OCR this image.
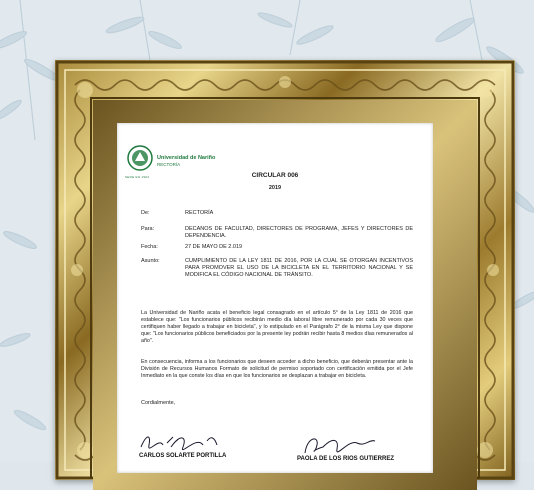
Universidad de Nariño
RECTORÍA
SEDE EN 1904	CIRCULAR 006
2019
De:	RECTORÍA
Para:	DECANOS DE FACULTAD, DIRECTORES DE PROGRAMA, JEFES Y DIRECTORES DE DEPENDENCIA.
Fecha:	27 DE MAYO DE 2.019
Asunto:	CUMPLIMIENTO DE LA LEY 1811 DE 2016, POR LA CUAL SE OTORGAN INCENTIVOS PARA PROMOVER EL USO DE LA BICICLETA EN EL TERRITORIO NACIONAL Y SE MODIFICA EL CÓDIGO NACIONAL DE TRÁNSITO.
La Universidad de Nariño acata el beneficio legal consagrado en el artículo 5° de la Ley 1811 de 2016 que establece que: "Los funcionarios públicos recibirán medio día laboral libre remunerado por cada 30 veces que certifiquen haber llegado a trabajar en bicicleta", y lo estipulado en el Parágrafo 2° de la misma Ley que dispone que: "Los funcionarios públicos beneficiados por la presente ley podrán recibir hasta 8 medios días remunerados al año".
En consecuencia, informa a los funcionarios que deseen acceder a dicho beneficio, que deberán presentar ante la División de Recursos Humanos Formato de solicitud de permiso soportado con certificación emitida por el Jefe Inmediato en la que conste los días en que los funcionarios se desplazan a trabajar en bicicleta.
Cordialmente,
CARLOS SOLARTE PORTILLA	PAOLA DE LOS RIOS GUTIERREZ
